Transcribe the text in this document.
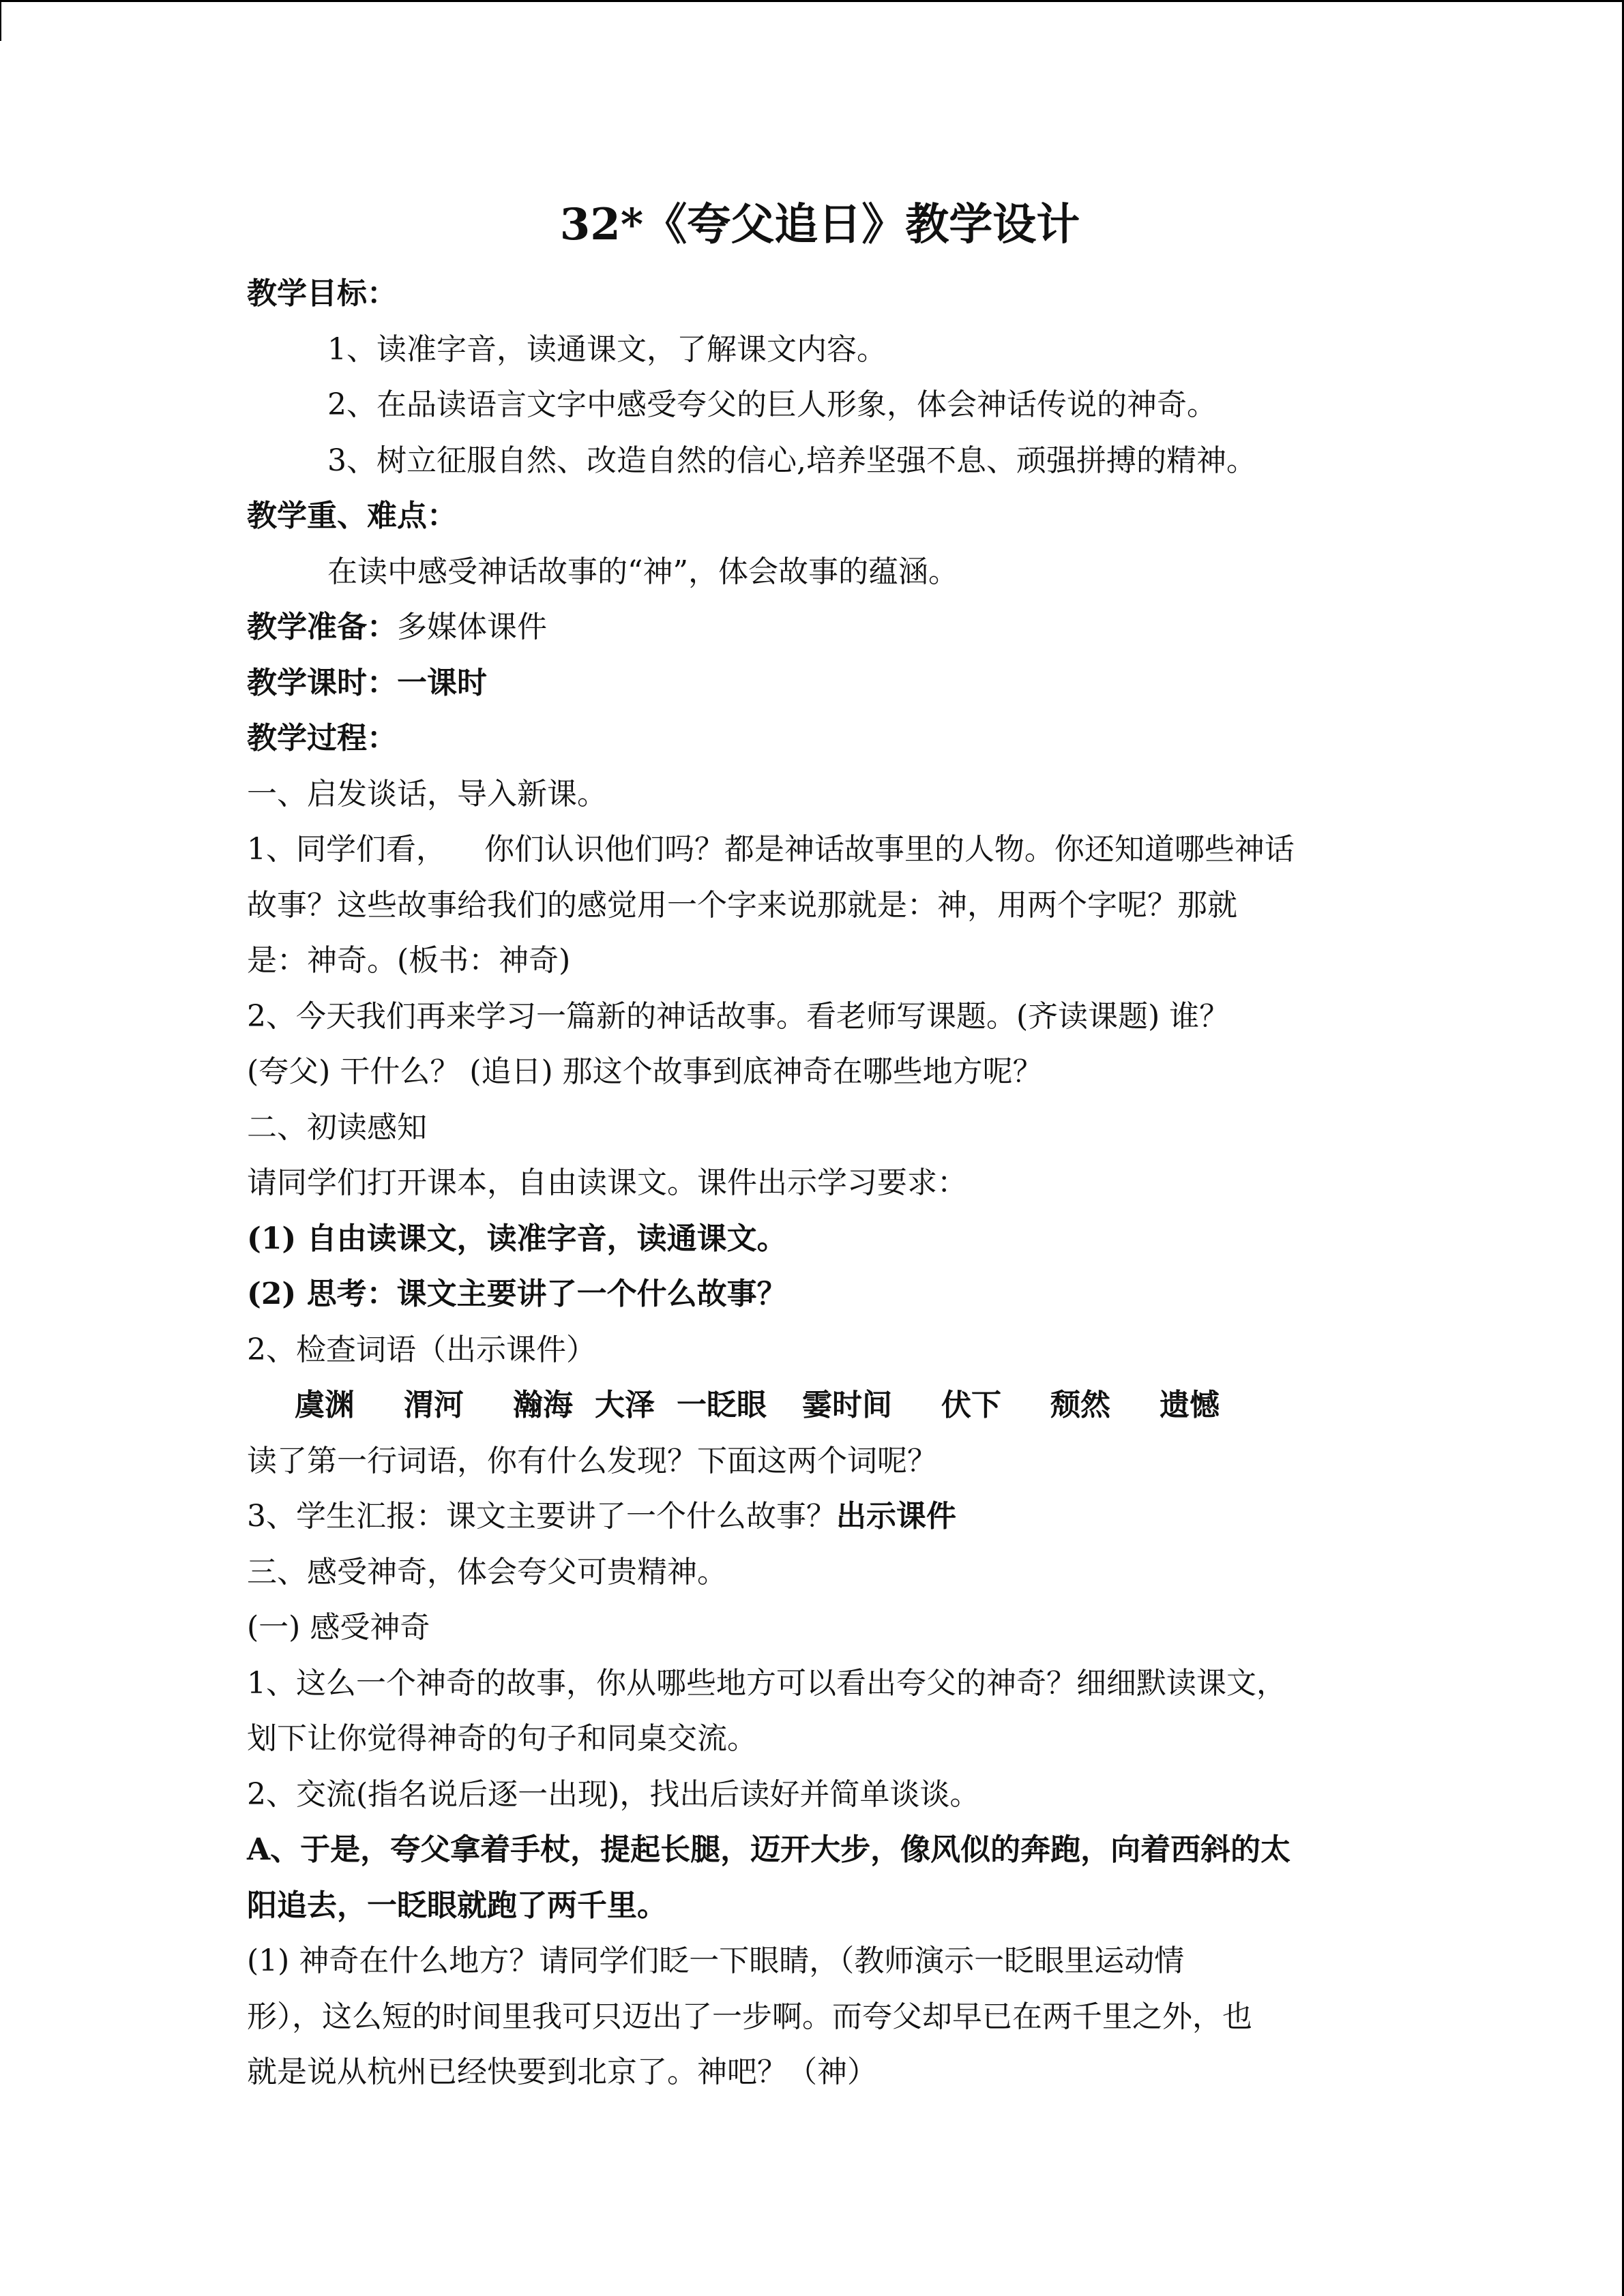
32*《夸父追日》教学设计
教学目标：
1、读准字音，读通课文，了解课文内容。
2、在品读语言文字中感受夸父的巨人形象，体会神话传说的神奇。
3、树立征服自然、改造自然的信心,培养坚强不息、顽强拼搏的精神。
教学重、难点：
在读中感受神话故事的“神”，体会故事的蕴涵。
教学准备：多媒体课件
教学课时：一课时
教学过程：
一、启发谈话，导入新课。
1、同学们看，    你们认识他们吗？都是神话故事里的人物。你还知道哪些神话
故事？这些故事给我们的感觉用一个字来说那就是：神，用两个字呢？那就
是：神奇。(板书：神奇)
2、今天我们再来学习一篇新的神话故事。看老师写课题。(齐读课题) 谁？
(夸父) 干什么？ (追日) 那这个故事到底神奇在哪些地方呢？
二、初读感知
请同学们打开课本，自由读课文。课件出示学习要求：
(1) 自由读课文，读准字音，读通课文。
(2) 思考：课文主要讲了一个什么故事？
2、检查词语（出示课件）
虞渊 渭河 瀚海 大泽 一眨眼 霎时间 伏下 颓然 遗憾
读了第一行词语，你有什么发现？下面这两个词呢？
3、学生汇报：课文主要讲了一个什么故事？出示课件
三、感受神奇，体会夸父可贵精神。
(一) 感受神奇
1、这么一个神奇的故事，你从哪些地方可以看出夸父的神奇？细细默读课文，
划下让你觉得神奇的句子和同桌交流。
2、交流(指名说后逐一出现)，找出后读好并简单谈谈。
A、于是，夸父拿着手杖，提起长腿，迈开大步，像风似的奔跑，向着西斜的太
阳追去，一眨眼就跑了两千里。
(1) 神奇在什么地方？请同学们眨一下眼睛，（教师演示一眨眼里运动情
形），这么短的时间里我可只迈出了一步啊。而夸父却早已在两千里之外，也
就是说从杭州已经快要到北京了。神吧？（神）
